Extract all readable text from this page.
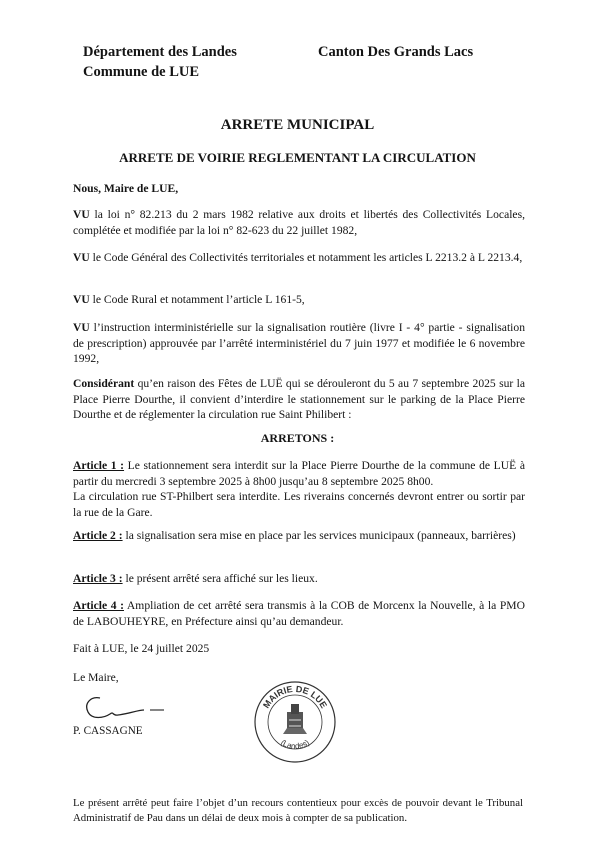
Département des Landes
Commune de LUE
Canton Des Grands Lacs
ARRETE MUNICIPAL
ARRETE DE VOIRIE REGLEMENTANT LA CIRCULATION

Nous, Maire de LUE,

VU la loi n° 82.213 du 2 mars 1982 relative aux droits et libertés des Collectivités Locales, complétée et modifiée par la loi n° 82-623 du 22 juillet 1982,

VU le Code Général des Collectivités territoriales et notamment les articles L 2213.2 à L 2213.4,

VU le Code Rural et notamment l’article L 161-5,

VU l’instruction interministérielle sur la signalisation routière (livre I - 4° partie - signalisation de prescription) approuvée par l’arrêté interministériel du 7 juin 1977 et modifiée le 6 novembre 1992,

Considérant qu’en raison des Fêtes de LUË qui se dérouleront du 5 au 7 septembre 2025 sur la Place Pierre Dourthe, il convient d’interdire le stationnement sur le parking de la Place Pierre Dourthe et de réglementer la circulation rue Saint Philibert :

ARRETONS :

Article 1 : Le stationnement sera interdit sur la Place Pierre Dourthe de la commune de LUË à partir du mercredi 3 septembre 2025 à 8h00 jusqu’au 8 septembre 2025 8h00.
La circulation rue ST-Philbert sera interdite. Les riverains concernés devront entrer ou sortir par la rue de la Gare.

Article 2 : la signalisation sera mise en place par les services municipaux (panneaux, barrières)

Article 3 : le présent arrêté sera affiché sur les lieux.

Article 4 : Ampliation de cet arrêté sera transmis à la COB de Morcenx la Nouvelle, à la PMO de LABOUHEYRE, en Préfecture ainsi qu’au demandeur.

Fait à LUE, le 24 juillet 2025

Le Maire,

P. CASSAGNE

MAIRIE DE LUE
(Landes)

Le présent arrêté peut faire l’objet d’un recours contentieux pour excès de pouvoir devant le Tribunal Administratif de Pau dans un délai de deux mois à compter de sa publication.
